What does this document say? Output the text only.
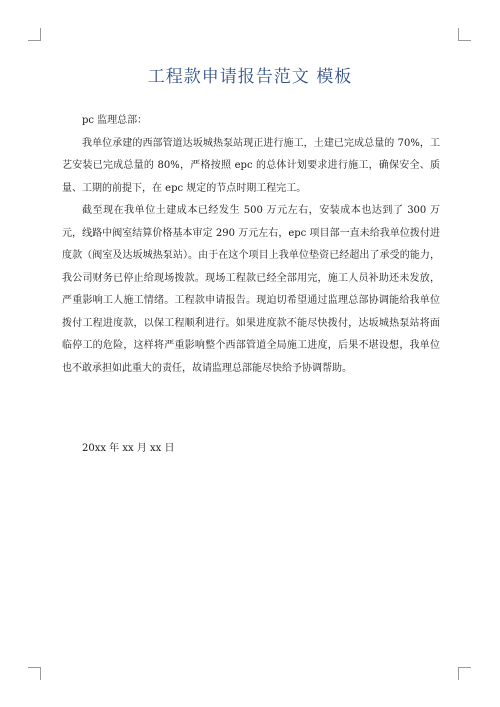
工程款申请报告范文 模板

pc 监理总部：

我单位承建的西部管道达坂城热泵站现正进行施工，土建已完成总量的 70%，工艺安装已完成总量的 80%，严格按照 epc 的总体计划要求进行施工，确保安全、质量、工期的前提下，在 epc 规定的节点时期工程完工。

截至现在我单位土建成本已经发生 500 万元左右，安装成本也达到了 300 万元，线路中阀室结算价格基本审定 290 万元左右，epc 项目部一直未给我单位拨付进度款（阀室及达坂城热泵站）。由于在这个项目上我单位垫资已经超出了承受的能力，我公司财务已停止给现场拨款。现场工程款已经全部用完，施工人员补助还未发放，严重影响工人施工情绪。工程款申请报告。现迫切希望通过监理总部协调能给我单位拨付工程进度款，以保工程顺利进行。如果进度款不能尽快拨付，达坂城热泵站将面临停工的危险，这样将严重影响整个西部管道全局施工进度，后果不堪设想，我单位也不敢承担如此重大的责任，故请监理总部能尽快给予协调帮助。

20xx 年 xx 月 xx 日
